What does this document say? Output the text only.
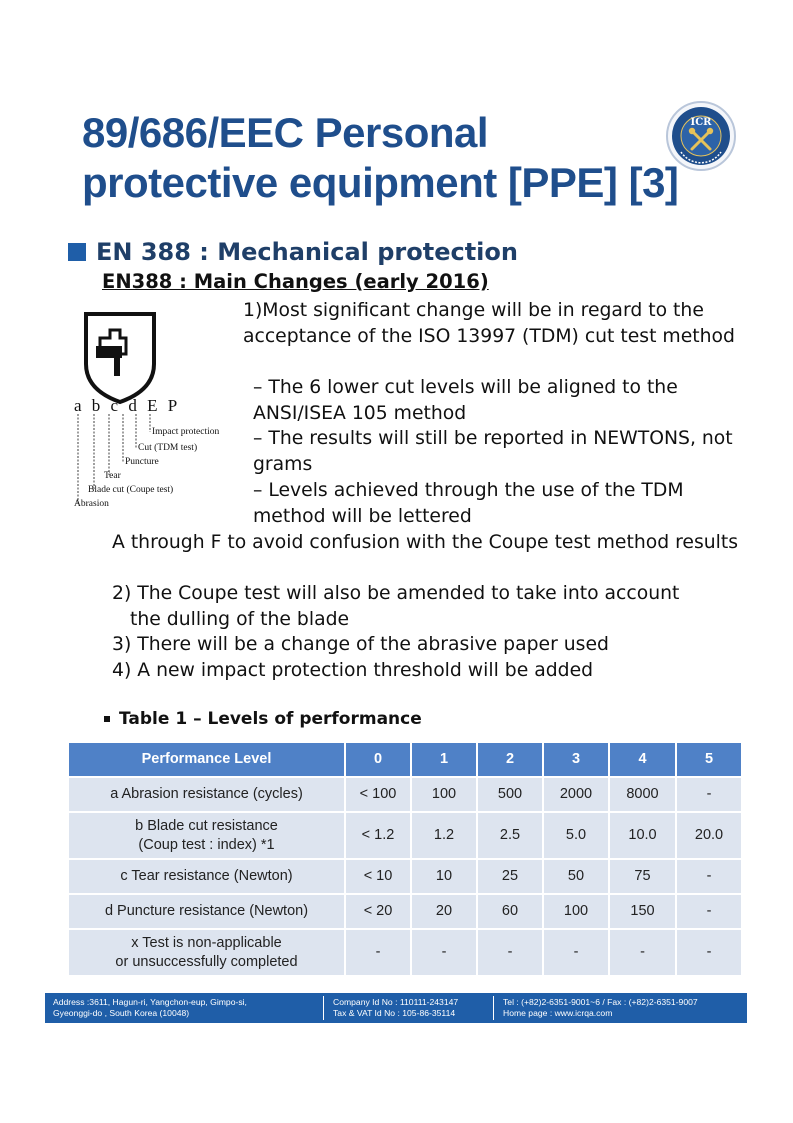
89/686/EEC Personal
protective equipment [PPE] [3]
ICR
EN 388 : Mechanical protection
EN388 : Main Changes (early 2016)
a b c d E P
Impact protection
Cut (TDM test)
Puncture
Tear
Blade cut (Coupe test)
Abrasion

1)Most significant change will be in regard to the acceptance of the ISO 13997 (TDM) cut test method

– The 6 lower cut levels will be aligned to the ANSI/ISEA 105 method

– The results will still be reported in NEWTONS, not grams

– Levels achieved through the use of the TDM method will be lettered

A through F to avoid confusion with the Coupe test method results

2) The Coupe test will also be amended to take into account
the dulling of the blade

3) There will be a change of the abrasive paper used

4) A new impact protection threshold will be added

Table 1 – Levels of performance
Performance Level	0	1	2	3	4	5
a Abrasion resistance (cycles)	< 100	100	500	2000	8000	-
b Blade cut resistance
(Coup test : index) *1	< 1.2	1.2	2.5	5.0	10.0	20.0
c Tear resistance (Newton)	< 10	10	25	50	75	-
d Puncture resistance (Newton)	< 20	20	60	100	150	-
x Test is non-applicable
or unsuccessfully completed	-	-	-	-	-	-
Address :3611, Hagun-ri, Yangchon-eup, Gimpo-si,
Gyeonggi-do , South Korea (10048)
Company Id No : 110111-243147
Tax & VAT Id No : 105-86-35114
Tel : (+82)2-6351-9001~6 / Fax : (+82)2-6351-9007
Home page : www.icrqa.com
